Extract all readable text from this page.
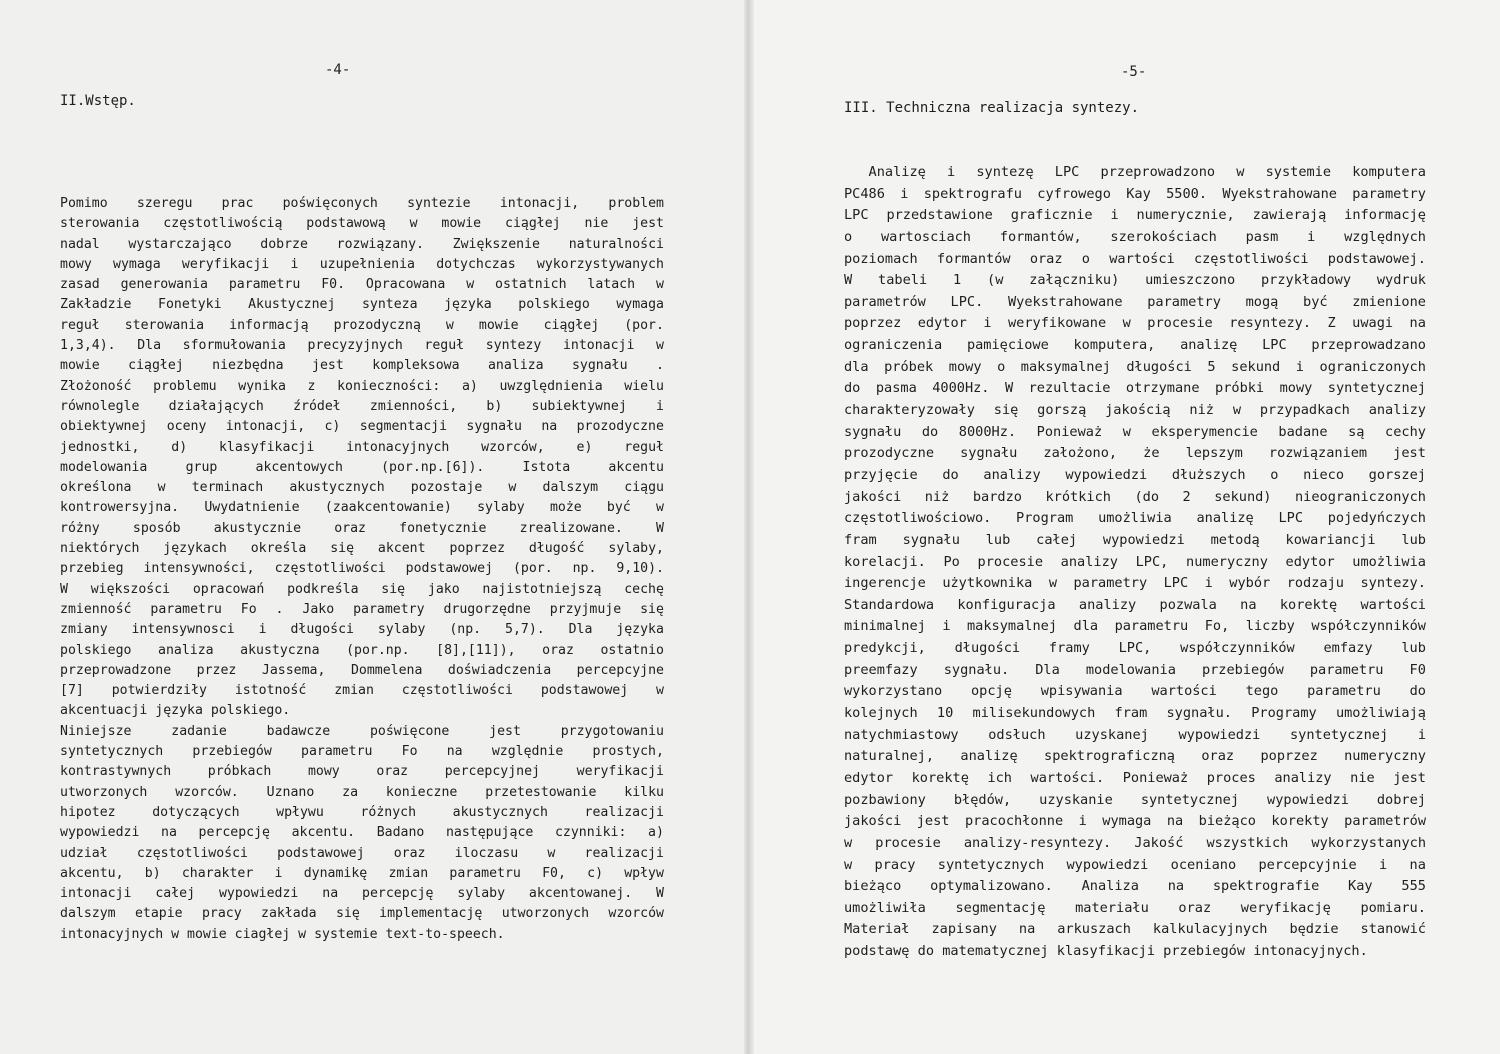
-4-
II.Wstęp.
Pomimo szeregu prac poświęconych syntezie intonacji, problem
sterowania częstotliwością podstawową w mowie ciągłej nie jest
nadal wystarczająco dobrze rozwiązany. Zwiększenie naturalności
mowy wymaga weryfikacji i uzupełnienia dotychczas wykorzystywanych
zasad generowania parametru F0. Opracowana w ostatnich latach w
Zakładzie Fonetyki Akustycznej synteza języka polskiego wymaga
reguł sterowania informacją prozodyczną w mowie ciągłej (por.
1,3,4). Dla sformułowania precyzyjnych reguł syntezy intonacji w
mowie ciągłej niezbędna jest kompleksowa analiza sygnału .
Złożoność problemu wynika z konieczności: a) uwzględnienia wielu
równolegle działających źródeł zmienności, b) subiektywnej i
obiektywnej oceny intonacji, c) segmentacji sygnału na prozodyczne
jednostki, d) klasyfikacji intonacyjnych wzorców, e) reguł
modelowania	grup	akcentowych	(por.np.[6]).	Istota	akcentu
określona w terminach akustycznych pozostaje w dalszym ciągu
kontrowersyjna. Uwydatnienie (zaakcentowanie) sylaby może być w
różny	sposób	akustycznie	oraz	fonetycznie	zrealizowane.	W
niektórych językach określa się akcent poprzez długość sylaby,
przebieg intensywności, częstotliwości podstawowej (por. np. 9,10).
W większości opracowań podkreśla się jako najistotniejszą cechę
zmienność parametru Fo . Jako parametry drugorzędne przyjmuje się
zmiany intensywnosci i długości sylaby (np. 5,7). Dla języka
polskiego analiza akustyczna (por.np. [8],[11]), oraz ostatnio
przeprowadzone przez Jassema, Dommelena doświadczenia percepcyjne
[7] potwierdziły istotność zmian częstotliwości podstawowej w
akcentuacji języka polskiego.
Niniejsze	zadanie	badawcze	poświęcone	jest	przygotowaniu
syntetycznych przebiegów parametru Fo na względnie prostych,
kontrastywnych	próbkach	mowy	oraz	percepcyjnej	weryfikacji
utworzonych wzorców. Uznano za konieczne przetestowanie kilku
hipotez	dotyczących	wpływu	różnych	akustycznych	realizacji
wypowiedzi na percepcję akcentu. Badano następujące czynniki: a)
udział częstotliwości podstawowej oraz iloczasu w realizacji
akcentu, b) charakter i dynamikę zmian parametru F0, c) wpływ
intonacji całej wypowiedzi na percepcję sylaby akcentowanej. W
dalszym etapie pracy zakłada się implementację utworzonych wzorców
intonacyjnych w mowie ciagłej w systemie text-to-speech.
-5-
III. Techniczna realizacja syntezy.
Analizę i syntezę LPC przeprowadzono w systemie komputera
PC486 i spektrografu cyfrowego Kay 5500. Wyekstrahowane parametry
LPC przedstawione graficznie i numerycznie, zawierają informację
o wartosciach formantów, szerokościach pasm i względnych
poziomach formantów oraz o wartości częstotliwości podstawowej.
W tabeli 1 (w załączniku) umieszczono przykładowy wydruk
parametrów LPC. Wyekstrahowane parametry mogą być zmienione
poprzez edytor i weryfikowane w procesie resyntezy. Z uwagi na
ograniczenia pamięciowe komputera, analizę LPC przeprowadzano
dla próbek mowy o maksymalnej długości 5 sekund i ograniczonych
do pasma 4000Hz. W rezultacie otrzymane próbki mowy syntetycznej
charakteryzowały się gorszą jakością niż w przypadkach analizy
sygnału do 8000Hz. Ponieważ w eksperymencie badane są cechy
prozodyczne sygnału założono, że lepszym rozwiązaniem jest
przyjęcie do analizy wypowiedzi dłuższych o nieco gorszej
jakości niż bardzo krótkich (do 2 sekund) nieograniczonych
częstotliwościowo. Program umożliwia analizę LPC pojedyńczych
fram sygnału lub całej wypowiedzi metodą kowariancji lub
korelacji. Po procesie analizy LPC, numeryczny edytor umożliwia
ingerencje użytkownika w parametry LPC i wybór rodzaju syntezy.
Standardowa konfiguracja analizy pozwala na korektę wartości
minimalnej i maksymalnej dla parametru Fo, liczby współczynników
predykcji, długości framy LPC, współczynników emfazy lub
preemfazy sygnału. Dla modelowania przebiegów parametru F0
wykorzystano opcję wpisywania wartości tego parametru do
kolejnych 10 milisekundowych fram sygnału. Programy umożliwiają
natychmiastowy odsłuch uzyskanej wypowiedzi syntetycznej i
naturalnej, analizę spektrograficzną oraz poprzez numeryczny
edytor korektę ich wartości. Ponieważ proces analizy nie jest
pozbawiony błędów, uzyskanie syntetycznej wypowiedzi dobrej
jakości jest pracochłonne i wymaga na bieżąco korekty parametrów
w procesie analizy-resyntezy. Jakość wszystkich wykorzystanych
w pracy syntetycznych wypowiedzi oceniano percepcyjnie i na
bieżąco optymalizowano. Analiza na spektrografie Kay 555
umożliwiła segmentację materiału oraz weryfikację pomiaru.
Materiał zapisany na arkuszach kalkulacyjnych będzie stanowić
podstawę do matematycznej klasyfikacji przebiegów intonacyjnych.
